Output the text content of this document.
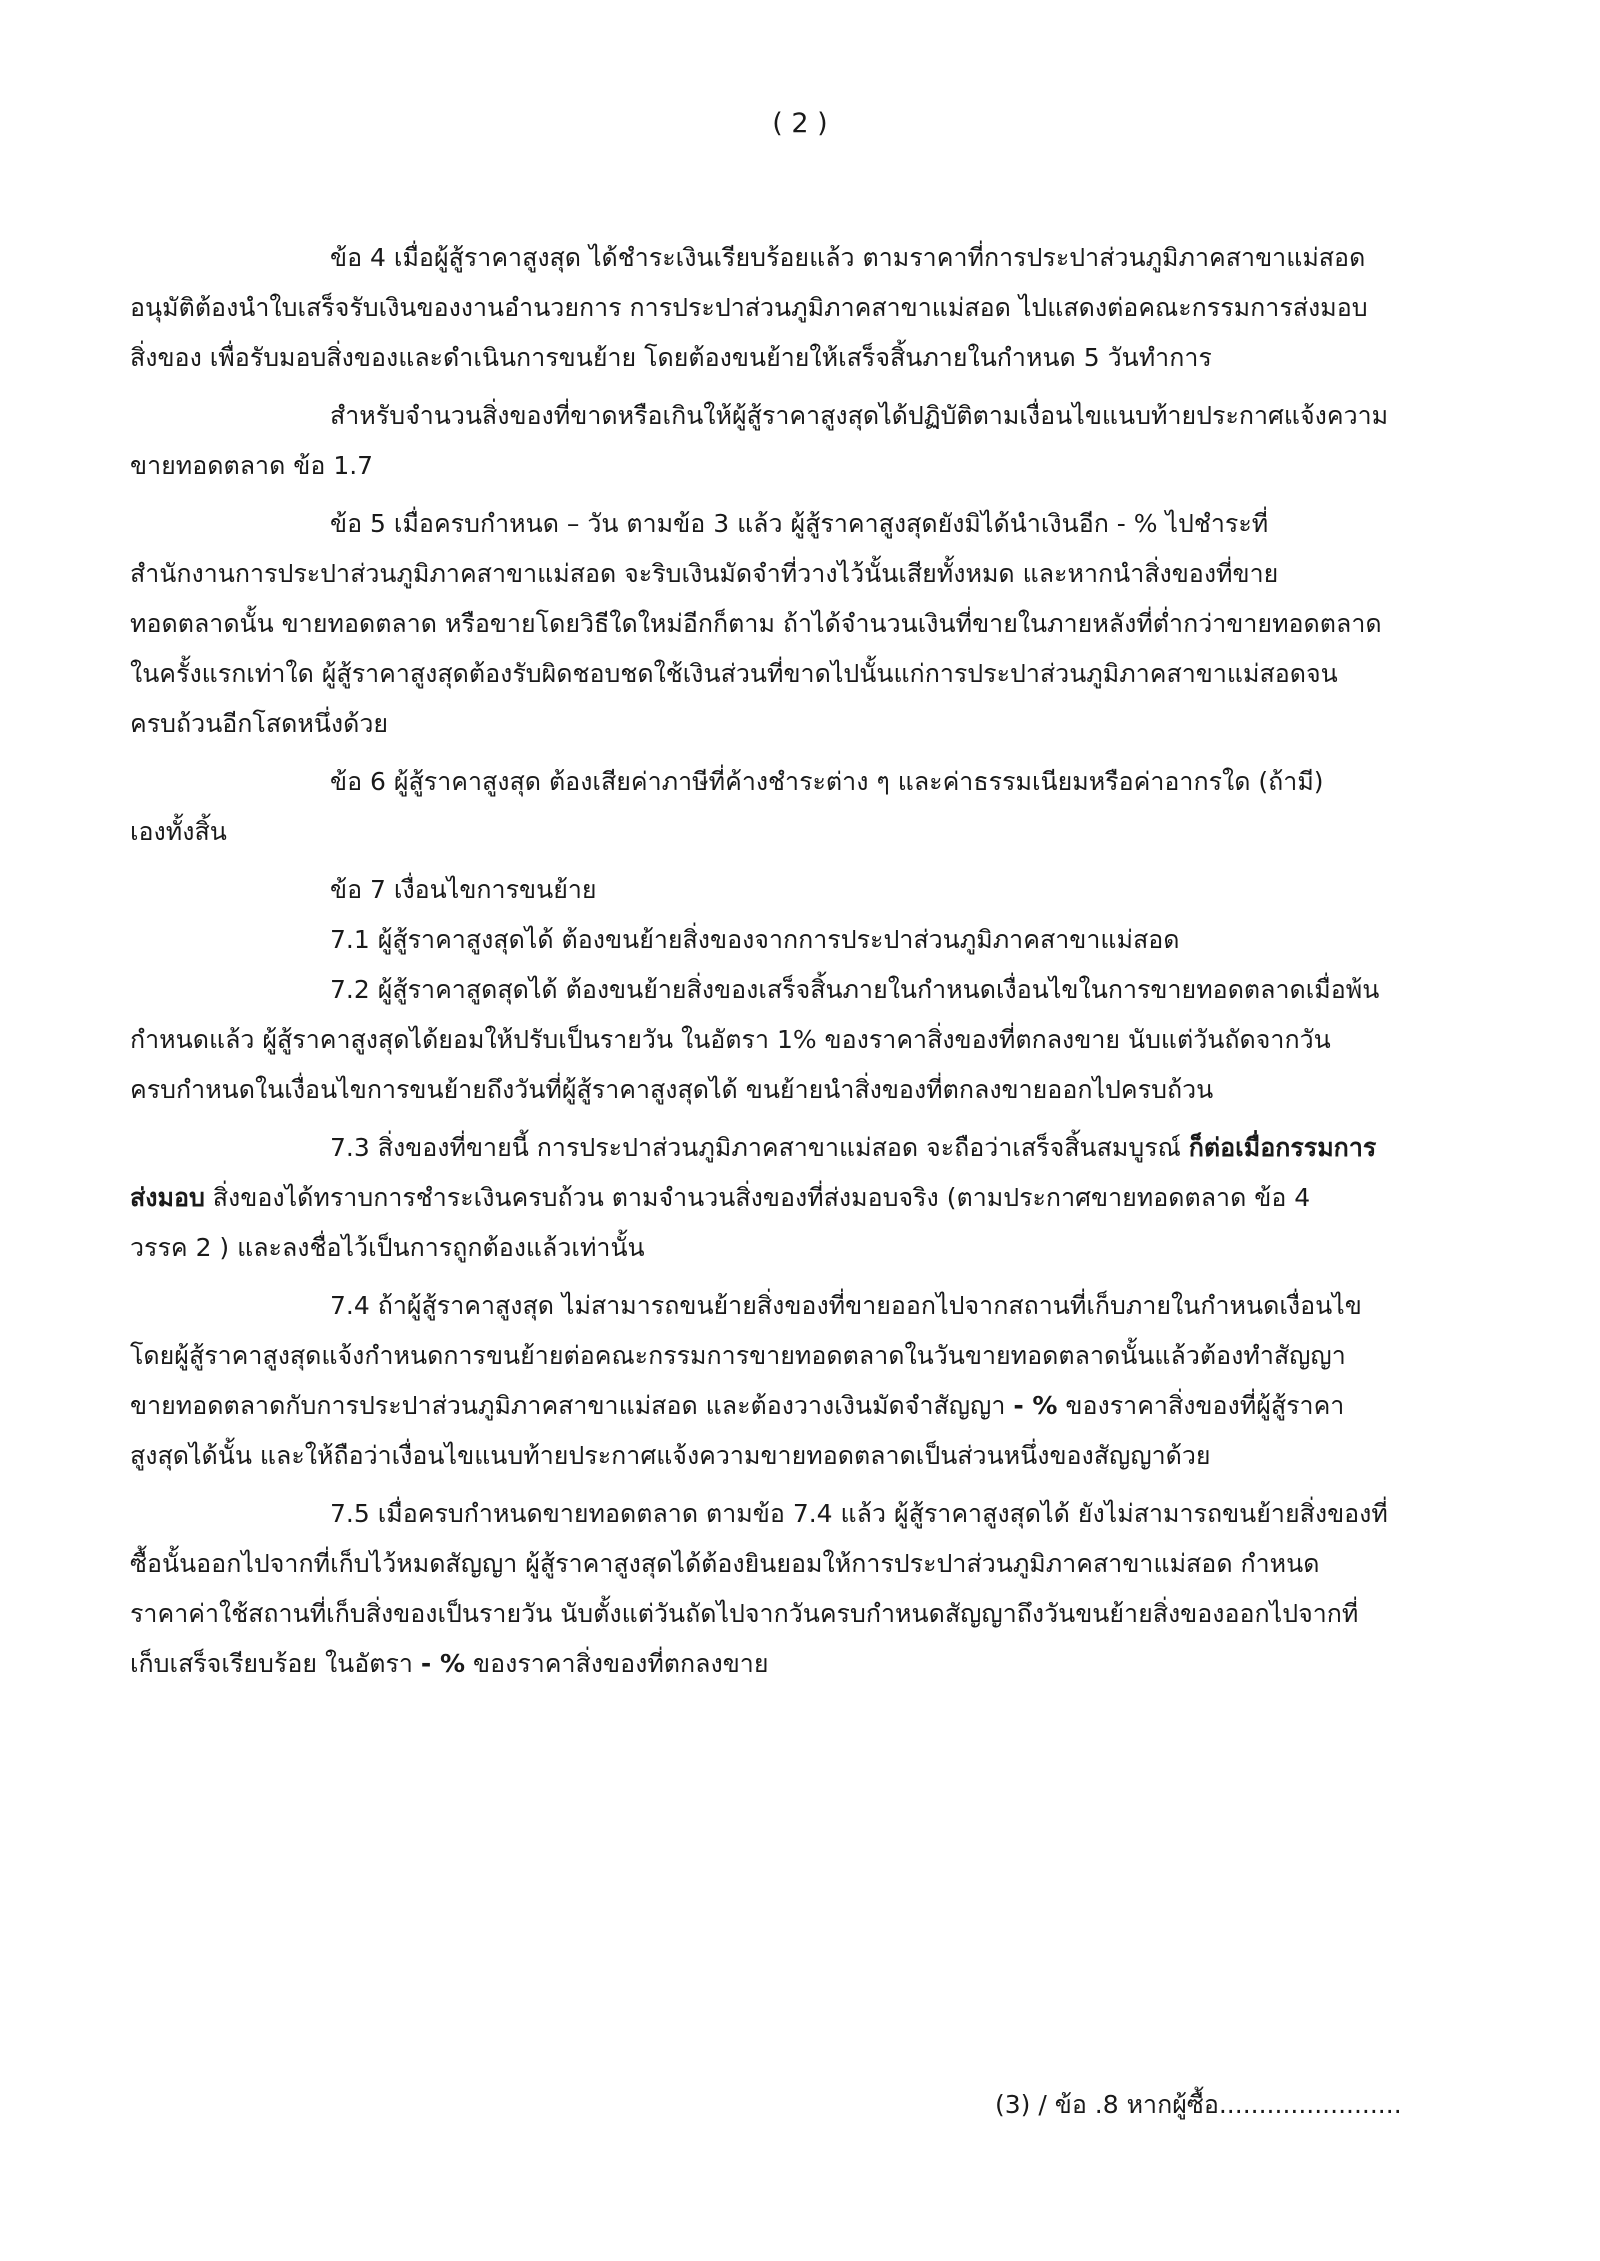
( 2 )
ข้อ 4 เมื่อผู้สู้ราคาสูงสุด ได้ชำระเงินเรียบร้อยแล้ว ตามราคาที่การประปาส่วนภูมิภาคสาขาแม่สอด
อนุมัติต้องนำใบเสร็จรับเงินของงานอำนวยการ การประปาส่วนภูมิภาคสาขาแม่สอด ไปแสดงต่อคณะกรรมการส่งมอบ
สิ่งของ เพื่อรับมอบสิ่งของและดำเนินการขนย้าย โดยต้องขนย้ายให้เสร็จสิ้นภายในกำหนด 5 วันทำการ
สำหรับจำนวนสิ่งของที่ขาดหรือเกินให้ผู้สู้ราคาสูงสุดได้ปฏิบัติตามเงื่อนไขแนบท้ายประกาศแจ้งความ
ขายทอดตลาด ข้อ 1.7
ข้อ 5 เมื่อครบกำหนด – วัน ตามข้อ 3 แล้ว ผู้สู้ราคาสูงสุดยังมิได้นำเงินอีก - % ไปชำระที่
สำนักงานการประปาส่วนภูมิภาคสาขาแม่สอด จะริบเงินมัดจำที่วางไว้นั้นเสียทั้งหมด และหากนำสิ่งของที่ขาย
ทอดตลาดนั้น ขายทอดตลาด หรือขายโดยวิธีใดใหม่อีกก็ตาม ถ้าได้จำนวนเงินที่ขายในภายหลังที่ต่ำกว่าขายทอดตลาด
ในครั้งแรกเท่าใด ผู้สู้ราคาสูงสุดต้องรับผิดชอบชดใช้เงินส่วนที่ขาดไปนั้นแก่การประปาส่วนภูมิภาคสาขาแม่สอดจน
ครบถ้วนอีกโสดหนึ่งด้วย
ข้อ 6 ผู้สู้ราคาสูงสุด ต้องเสียค่าภาษีที่ค้างชำระต่าง ๆ และค่าธรรมเนียมหรือค่าอากรใด (ถ้ามี)
เองทั้งสิ้น
ข้อ 7 เงื่อนไขการขนย้าย
7.1 ผู้สู้ราคาสูงสุดได้ ต้องขนย้ายสิ่งของจากการประปาส่วนภูมิภาคสาขาแม่สอด
7.2 ผู้สู้ราคาสูดสุดได้ ต้องขนย้ายสิ่งของเสร็จสิ้นภายในกำหนดเงื่อนไขในการขายทอดตลาดเมื่อพ้น
กำหนดแล้ว ผู้สู้ราคาสูงสุดได้ยอมให้ปรับเป็นรายวัน ในอัตรา 1% ของราคาสิ่งของที่ตกลงขาย นับแต่วันถัดจากวัน
ครบกำหนดในเงื่อนไขการขนย้ายถึงวันที่ผู้สู้ราคาสูงสุดได้ ขนย้ายนำสิ่งของที่ตกลงขายออกไปครบถ้วน
7.3 สิ่งของที่ขายนี้ การประปาส่วนภูมิภาคสาขาแม่สอด จะถือว่าเสร็จสิ้นสมบูรณ์ ก็ต่อเมื่อกรรมการ
ส่งมอบ สิ่งของได้ทราบการชำระเงินครบถ้วน ตามจำนวนสิ่งของที่ส่งมอบจริง (ตามประกาศขายทอดตลาด ข้อ 4
วรรค 2 ) และลงชื่อไว้เป็นการถูกต้องแล้วเท่านั้น
7.4 ถ้าผู้สู้ราคาสูงสุด ไม่สามารถขนย้ายสิ่งของที่ขายออกไปจากสถานที่เก็บภายในกำหนดเงื่อนไข
โดยผู้สู้ราคาสูงสุดแจ้งกำหนดการขนย้ายต่อคณะกรรมการขายทอดตลาดในวันขายทอดตลาดนั้นแล้วต้องทำสัญญา
ขายทอดตลาดกับการประปาส่วนภูมิภาคสาขาแม่สอด และต้องวางเงินมัดจำสัญญา - % ของราคาสิ่งของที่ผู้สู้ราคา
สูงสุดได้นั้น และให้ถือว่าเงื่อนไขแนบท้ายประกาศแจ้งความขายทอดตลาดเป็นส่วนหนึ่งของสัญญาด้วย
7.5 เมื่อครบกำหนดขายทอดตลาด ตามข้อ 7.4 แล้ว ผู้สู้ราคาสูงสุดได้ ยังไม่สามารถขนย้ายสิ่งของที่
ซื้อนั้นออกไปจากที่เก็บไว้หมดสัญญา ผู้สู้ราคาสูงสุดได้ต้องยินยอมให้การประปาส่วนภูมิภาคสาขาแม่สอด กำหนด
ราคาค่าใช้สถานที่เก็บสิ่งของเป็นรายวัน นับตั้งแต่วันถัดไปจากวันครบกำหนดสัญญาถึงวันขนย้ายสิ่งของออกไปจากที่
เก็บเสร็จเรียบร้อย ในอัตรา - % ของราคาสิ่งของที่ตกลงขาย
(3) / ข้อ .8 หากผู้ซื้อ.......................
